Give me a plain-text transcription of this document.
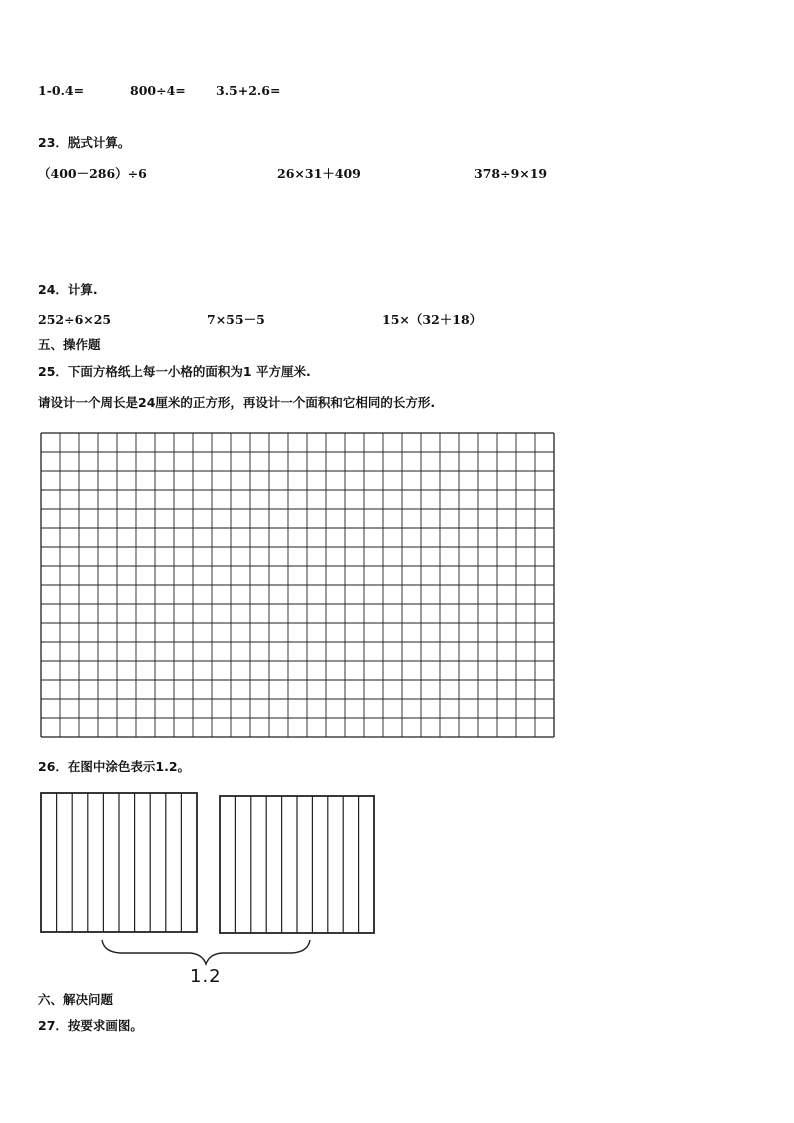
1-0.4=	800÷4= 3.5+2.6=
23．脱式计算。
（400－286）÷6	26×31＋409	378÷9×19
24．计算.
252÷6×25	7×55－5	15×（32＋18）
五、操作题
25．下面方格纸上每一小格的面积为1 平方厘米.
请设计一个周长是24厘米的正方形，再设计一个面积和它相同的长方形.
26．在图中涂色表示1.2。
1.2
六、解决问题
27．按要求画图。
